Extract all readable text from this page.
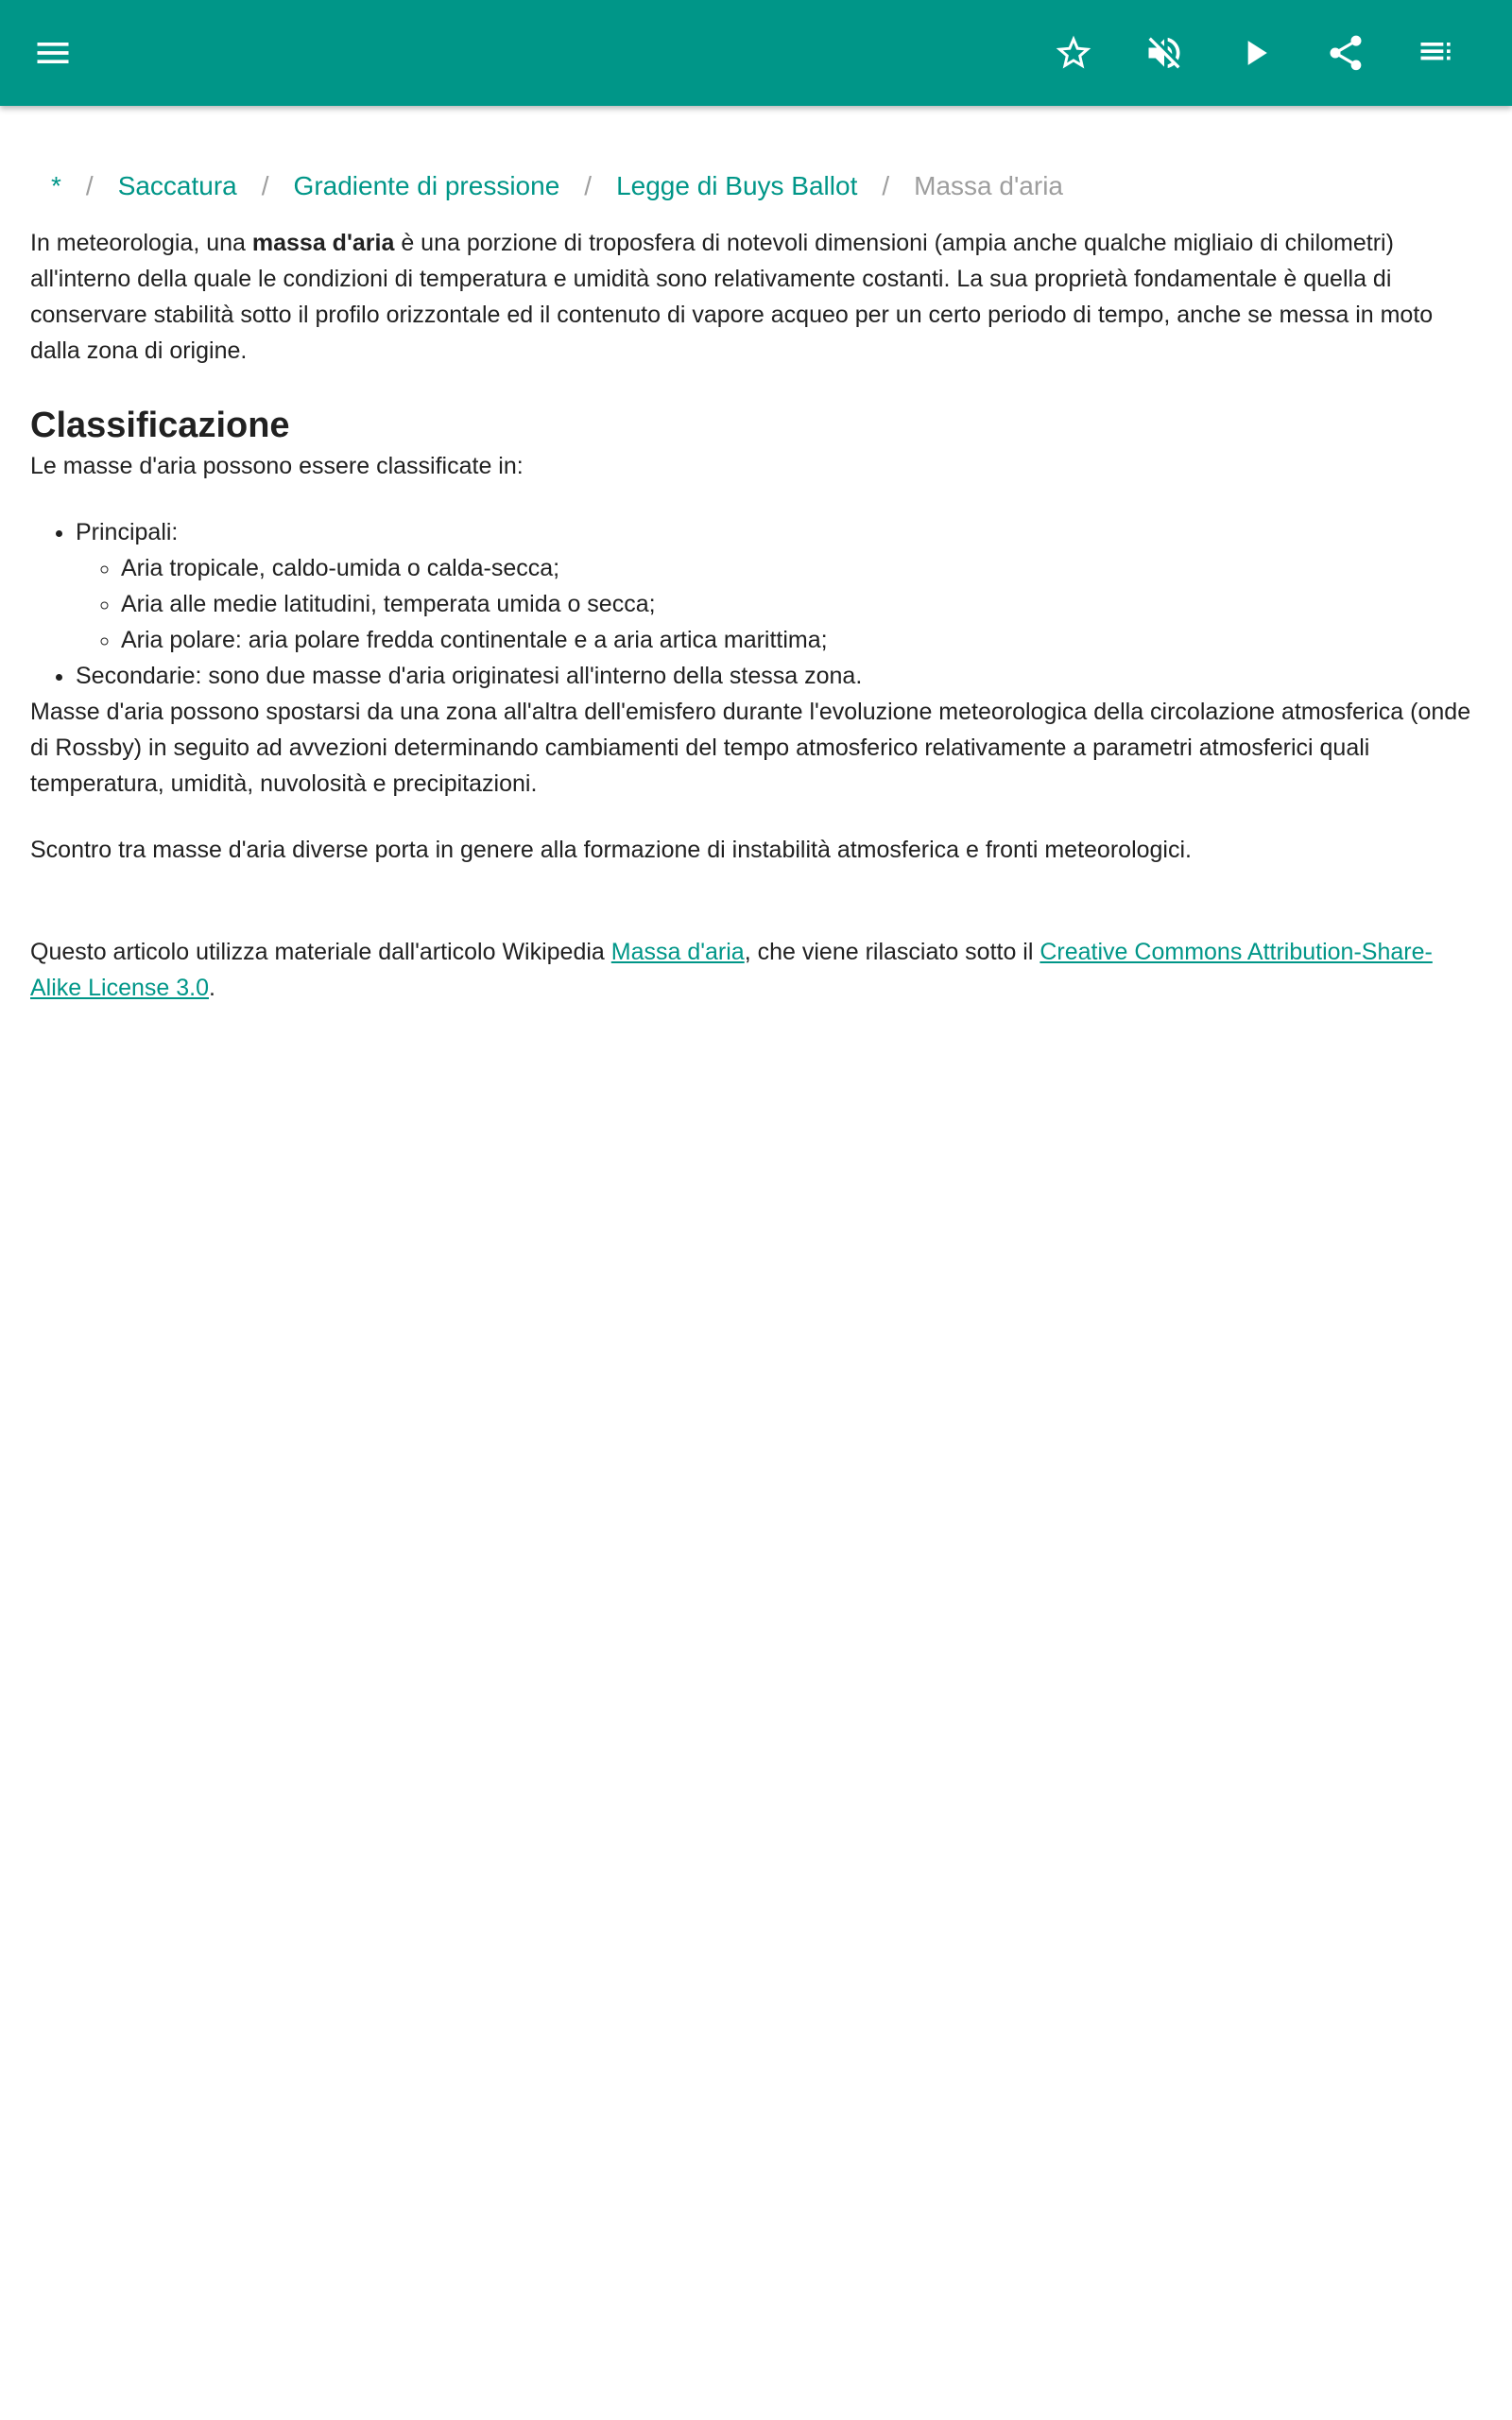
* / Saccatura / Gradiente di pressione / Legge di Buys Ballot / Massa d'aria

In meteorologia, una massa d'aria è una porzione di troposfera di notevoli dimensioni (ampia anche qualche migliaio di chilometri) all'interno della quale le condizioni di temperatura e umidità sono relativamente costanti. La sua proprietà fondamentale è quella di conservare stabilità sotto il profilo orizzontale ed il contenuto di vapore acqueo per un certo periodo di tempo, anche se messa in moto dalla zona di origine.

Classificazione

Le masse d'aria possono essere classificate in:

• Principali:
◦ Aria tropicale, caldo-umida o calda-secca;
◦ Aria alle medie latitudini, temperata umida o secca;
◦ Aria polare: aria polare fredda continentale e a aria artica marittima;
• Secondarie: sono due masse d'aria originatesi all'interno della stessa zona.

Masse d'aria possono spostarsi da una zona all'altra dell'emisfero durante l'evoluzione meteorologica della circolazione atmosferica (onde di Rossby) in seguito ad avvezioni determinando cambiamenti del tempo atmosferico relativamente a parametri atmosferici quali temperatura, umidità, nuvolosità e precipitazioni.

Scontro tra masse d'aria diverse porta in genere alla formazione di instabilità atmosferica e fronti meteorologici.

Questo articolo utilizza materiale dall'articolo Wikipedia Massa d'aria, che viene rilasciato sotto il Creative Commons Attribution-Share-Alike License 3.0.
